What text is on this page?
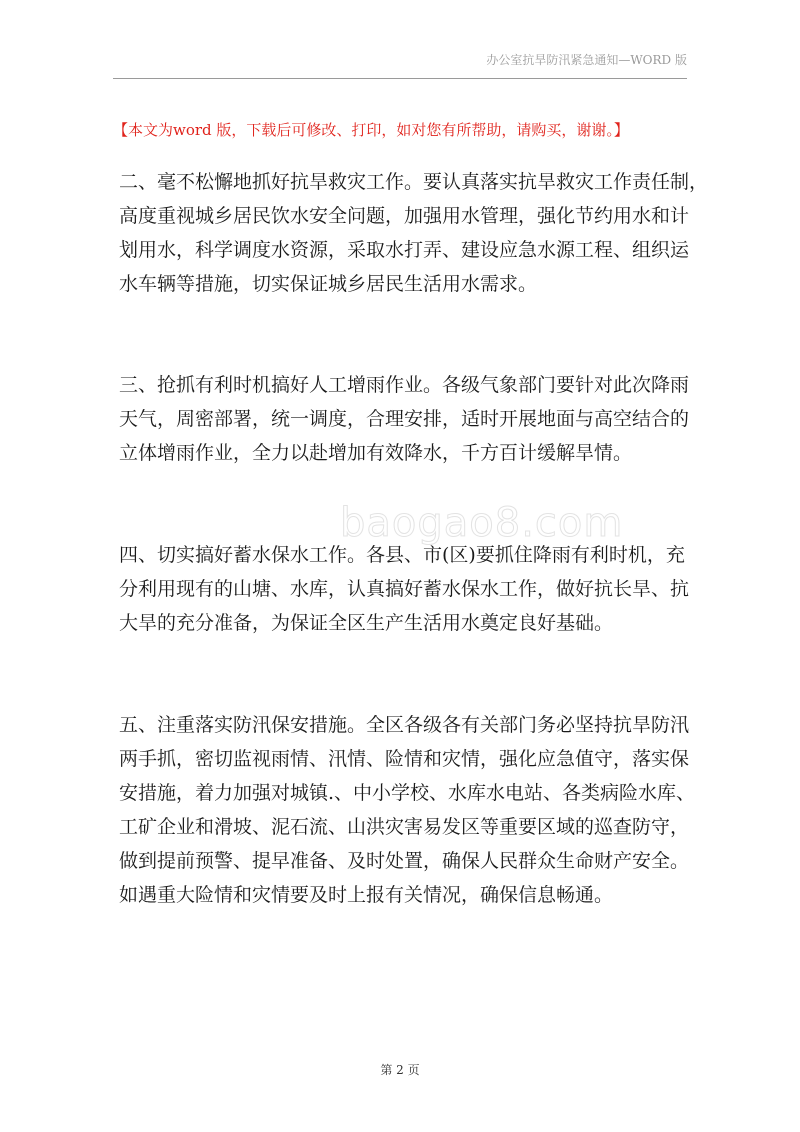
办公室抗旱防汛紧急通知—WORD 版
【本文为word 版，下载后可修改、打印，如对您有所帮助，请购买，谢谢。】
baogao8.com
二、毫不松懈地抓好抗旱救灾工作。要认真落实抗旱救灾工作责任制，
高度重视城乡居民饮水安全问题，加强用水管理，强化节约用水和计
划用水，科学调度水资源，采取水打弄、建设应急水源工程、组织运
水车辆等措施，切实保证城乡居民生活用水需求。
三、抢抓有利时机搞好人工增雨作业。各级气象部门要针对此次降雨
天气，周密部署，统一调度，合理安排，适时开展地面与高空结合的
立体增雨作业，全力以赴增加有效降水，千方百计缓解旱情。
四、切实搞好蓄水保水工作。各县、市(区)要抓住降雨有利时机，充
分利用现有的山塘、水库，认真搞好蓄水保水工作，做好抗长旱、抗
大旱的充分准备，为保证全区生产生活用水奠定良好基础。
五、注重落实防汛保安措施。全区各级各有关部门务必坚持抗旱防汛
两手抓，密切监视雨情、汛情、险情和灾情，强化应急值守，落实保
安措施，着力加强对城镇.、中小学校、水库水电站、各类病险水库、
工矿企业和滑坡、泥石流、山洪灾害易发区等重要区域的巡查防守，
做到提前预警、提早准备、及时处置，确保人民群众生命财产安全。
如遇重大险情和灾情要及时上报有关情况，确保信息畅通。
第 2 页
